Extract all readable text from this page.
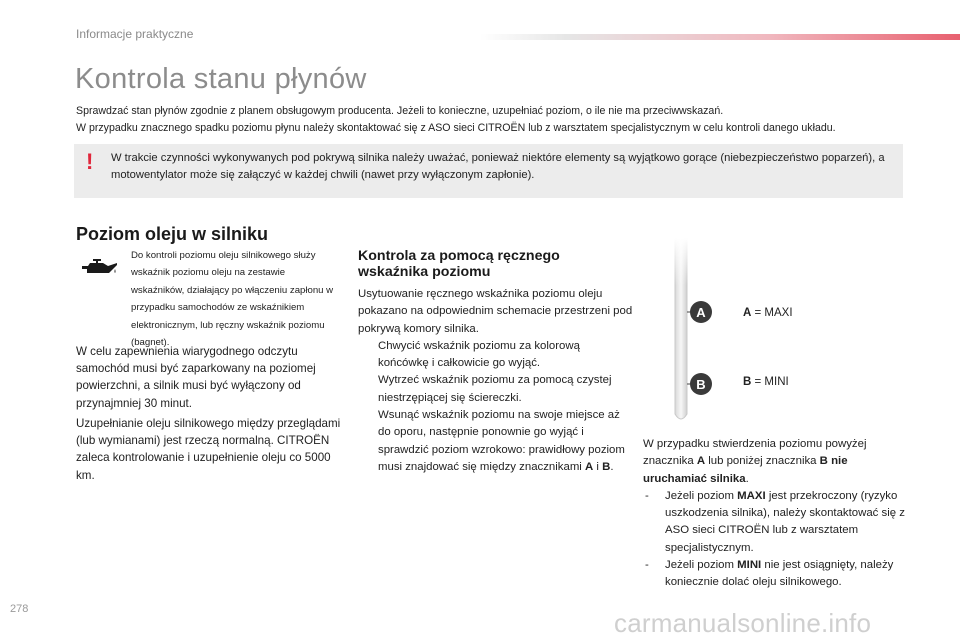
Informacje praktyczne
Kontrola stanu płynów
Sprawdzać stan płynów zgodnie z planem obsługowym producenta. Jeżeli to konieczne, uzupełniać poziom, o ile nie ma przeciwwskazań.
W przypadku znacznego spadku poziomu płynu należy skontaktować się z ASO sieci CITROËN lub z warsztatem specjalistycznym w celu kontroli danego układu.
! W trakcie czynności wykonywanych pod pokrywą silnika należy uważać, ponieważ niektóre elementy są wyjątkowo gorące (niebezpieczeństwo poparzeń), a motowentylator może się załączyć w każdej chwili (nawet przy wyłączonym zapłonie).
Poziom oleju w silniku
Do kontroli poziomu oleju silnikowego służy wskaźnik poziomu oleju na zestawie wskaźników, działający po włączeniu zapłonu w przypadku samochodów ze wskaźnikiem elektronicznym, lub ręczny wskaźnik poziomu (bagnet).
W celu zapewnienia wiarygodnego odczytu samochód musi być zaparkowany na poziomej powierzchni, a silnik musi być wyłączony od przynajmniej 30 minut.
Uzupełnianie oleju silnikowego między przeglądami (lub wymianami) jest rzeczą normalną. CITROËN zaleca kontrolowanie i uzupełnienie oleju co 5000 km.
Kontrola za pomocą ręcznego wskaźnika poziomu
Usytuowanie ręcznego wskaźnika poziomu oleju pokazano na odpowiednim schemacie przestrzeni pod pokrywą komory silnika.
Chwycić wskaźnik poziomu za kolorową końcówkę i całkowicie go wyjąć.
Wytrzeć wskaźnik poziomu za pomocą czystej niestrzępiącej się ściereczki.
Wsunąć wskaźnik poziomu na swoje miejsce aż do oporu, następnie ponownie go wyjąć i sprawdzić poziom wzrokowo: prawidłowy poziom musi znajdować się między znacznikami A i B.
A
B
A = MAXI
B = MINI
W przypadku stwierdzenia poziomu powyżej znacznika A lub poniżej znacznika B nie uruchamiać silnika.
- Jeżeli poziom MAXI jest przekroczony (ryzyko uszkodzenia silnika), należy skontaktować się z ASO sieci CITROËN lub z warsztatem specjalistycznym.
- Jeżeli poziom MINI nie jest osiągnięty, należy koniecznie dolać oleju silnikowego.
278	carmanualsonline.info
